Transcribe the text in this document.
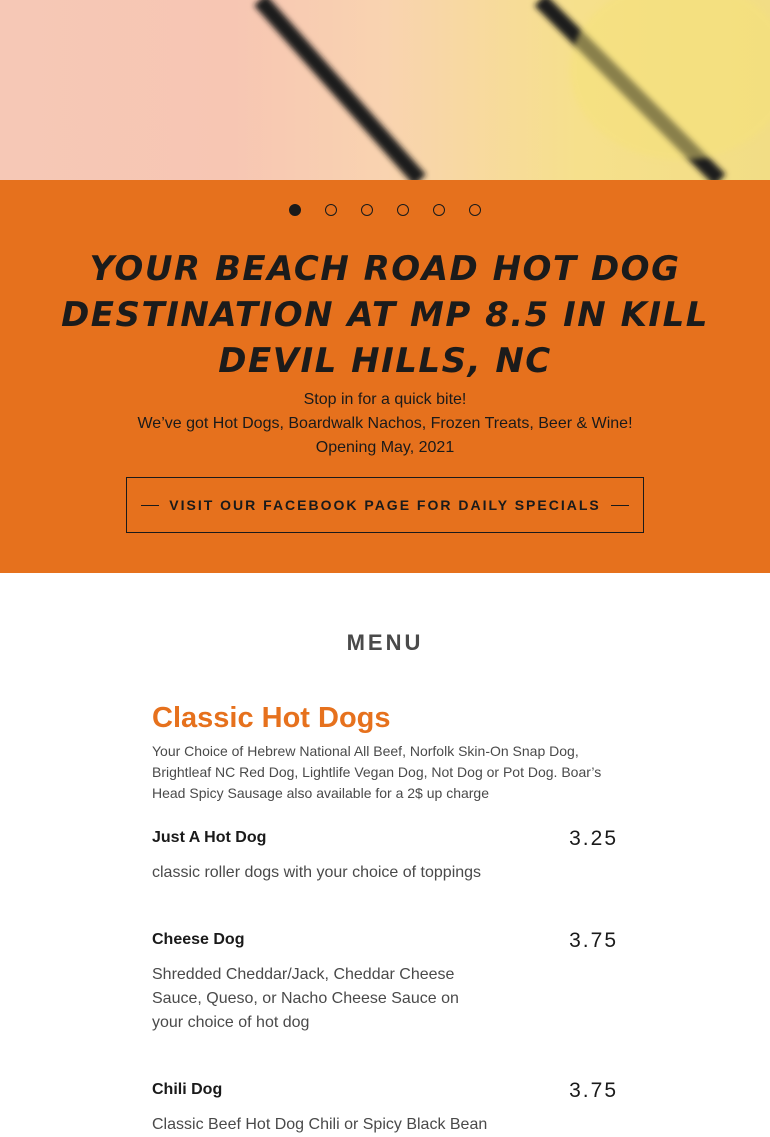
YOUR BEACH ROAD HOT DOG DESTINATION AT MP 8.5 IN KILL DEVIL HILLS, NC
Stop in for a quick bite!
We’ve got Hot Dogs, Boardwalk Nachos, Frozen Treats, Beer & Wine!
Opening May, 2021
VISIT OUR FACEBOOK PAGE FOR DAILY SPECIALS
MENU
Classic Hot Dogs

Your Choice of Hebrew National All Beef, Norfolk Skin-On Snap Dog, Brightleaf NC Red Dog, Lightlife Vegan Dog, Not Dog or Pot Dog. Boar’s Head Spicy Sausage also available for a 2$ up charge

Just A Hot Dog	3.25
classic roller dogs with your choice of toppings
Cheese Dog	3.75
Shredded Cheddar/Jack, Cheddar Cheese Sauce, Queso, or Nacho Cheese Sauce on your choice of hot dog
Chili Dog	3.75
Classic Beef Hot Dog Chili or Spicy Black Bean
